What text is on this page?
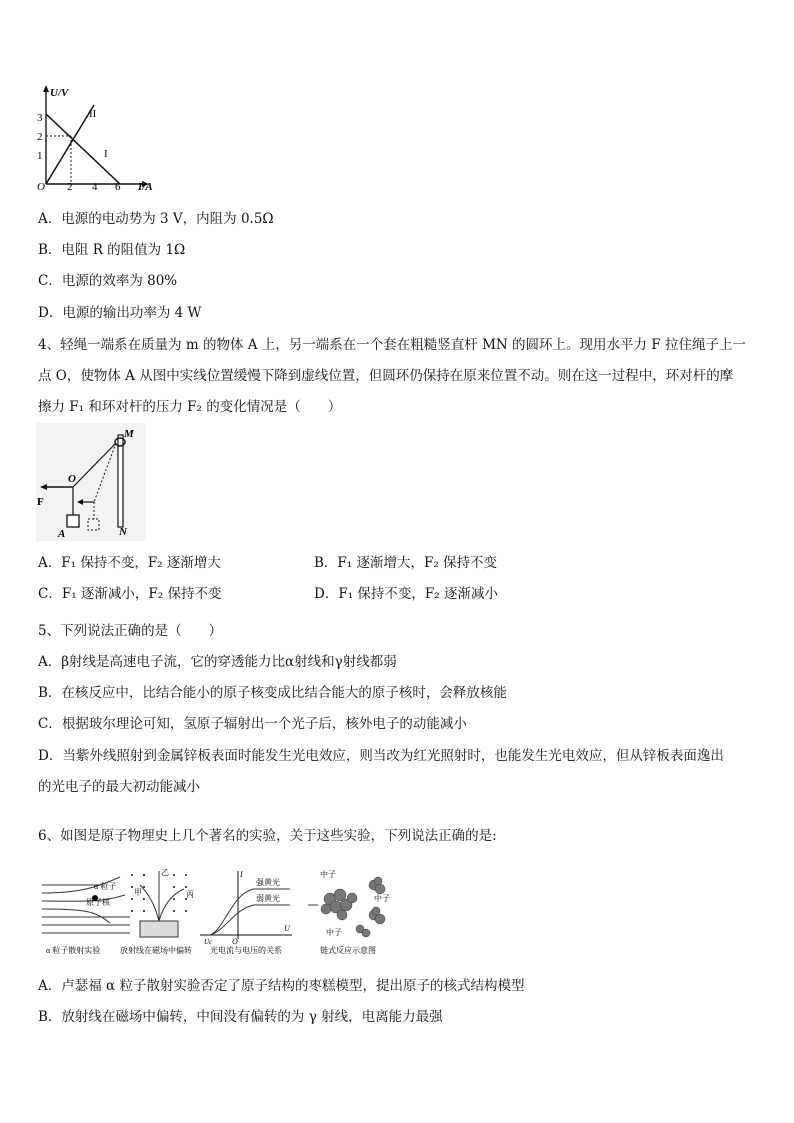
U/V
3
2
1
O 2 4 6 I/A
II
I
A．电源的电动势为 3 V，内阻为 0.5Ω
B．电阻 R 的阻值为 1Ω
C．电源的效率为 80%
D．电源的输出功率为 4 W
4、轻绳一端系在质量为 m 的物体 A 上，另一端系在一个套在粗糙竖直杆 MN 的圆环上。现用水平力 F 拉住绳子上一
点 O，使物体 A 从图中实线位置缓慢下降到虚线位置，但圆环仍保持在原来位置不动。则在这一过程中，环对杆的摩
擦力 F₁ 和环对杆的压力 F₂ 的变化情况是（　　）
M
N
O
F
A
A．F₁ 保持不变，F₂ 逐渐增大	B．F₁ 逐渐增大，F₂ 保持不变
C．F₁ 逐渐减小，F₂ 保持不变	D．F₁ 保持不变，F₂ 逐渐减小
5、下列说法正确的是（　　）
A．β射线是高速电子流，它的穿透能力比α射线和γ射线都弱
B．在核反应中，比结合能小的原子核变成比结合能大的原子核时，会释放核能
C．根据玻尔理论可知，氢原子辐射出一个光子后，核外电子的动能减小
D．当紫外线照射到金属锌板表面时能发生光电效应，则当改为红光照射时，也能发生光电效应，但从锌板表面逸出
的光电子的最大初动能减小
6、如图是原子物理史上几个著名的实验，关于这些实验，下列说法正确的是:
α 粒子
原子核
α 粒子散射实验
甲
乙
丙
放射线在磁场中偏转
I
U
O
Uc
强黄光
弱黄光
光电流与电压的关系
中子
中子
中子
链式反应示意图
A．卢瑟福 α 粒子散射实验否定了原子结构的枣糕模型，提出原子的核式结构模型
B．放射线在磁场中偏转，中间没有偏转的为 γ 射线，电离能力最强
